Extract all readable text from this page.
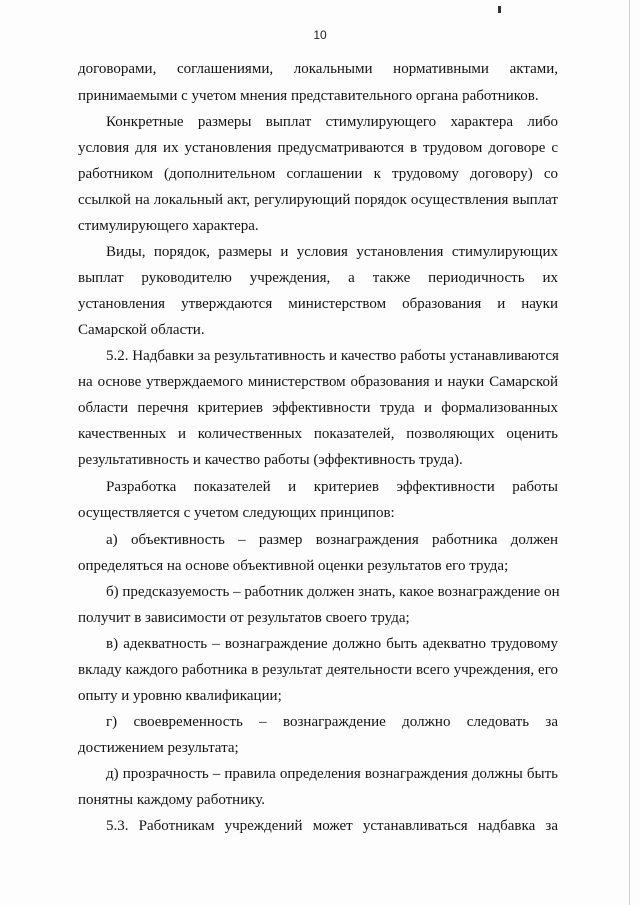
10
договорами, соглашениями, локальными нормативными актами,
принимаемыми с учетом мнения представительного органа работников.
Конкретные размеры выплат стимулирующего характера либо
условия для их установления предусматриваются в трудовом договоре с
работником (дополнительном соглашении к трудовому договору) со
ссылкой на локальный акт, регулирующий порядок осуществления выплат
стимулирующего характера.
Виды, порядок, размеры и условия установления стимулирующих
выплат руководителю учреждения, а также периодичность их
установления утверждаются министерством образования и науки
Самарской области.
5.2. Надбавки за результативность и качество работы устанавливаются
на основе утверждаемого министерством образования и науки Самарской
области перечня критериев эффективности труда и формализованных
качественных и количественных показателей, позволяющих оценить
результативность и качество работы (эффективность труда).
Разработка показателей и критериев эффективности работы
осуществляется с учетом следующих принципов:
а) объективность – размер вознаграждения работника должен
определяться на основе объективной оценки результатов его труда;
б) предсказуемость – работник должен знать, какое вознаграждение он
получит в зависимости от результатов своего труда;
в) адекватность – вознаграждение должно быть адекватно трудовому
вкладу каждого работника в результат деятельности всего учреждения, его
опыту и уровню квалификации;
г) своевременность – вознаграждение должно следовать за
достижением результата;
д) прозрачность – правила определения вознаграждения должны быть
понятны каждому работнику.
5.3. Работникам учреждений может устанавливаться надбавка за
